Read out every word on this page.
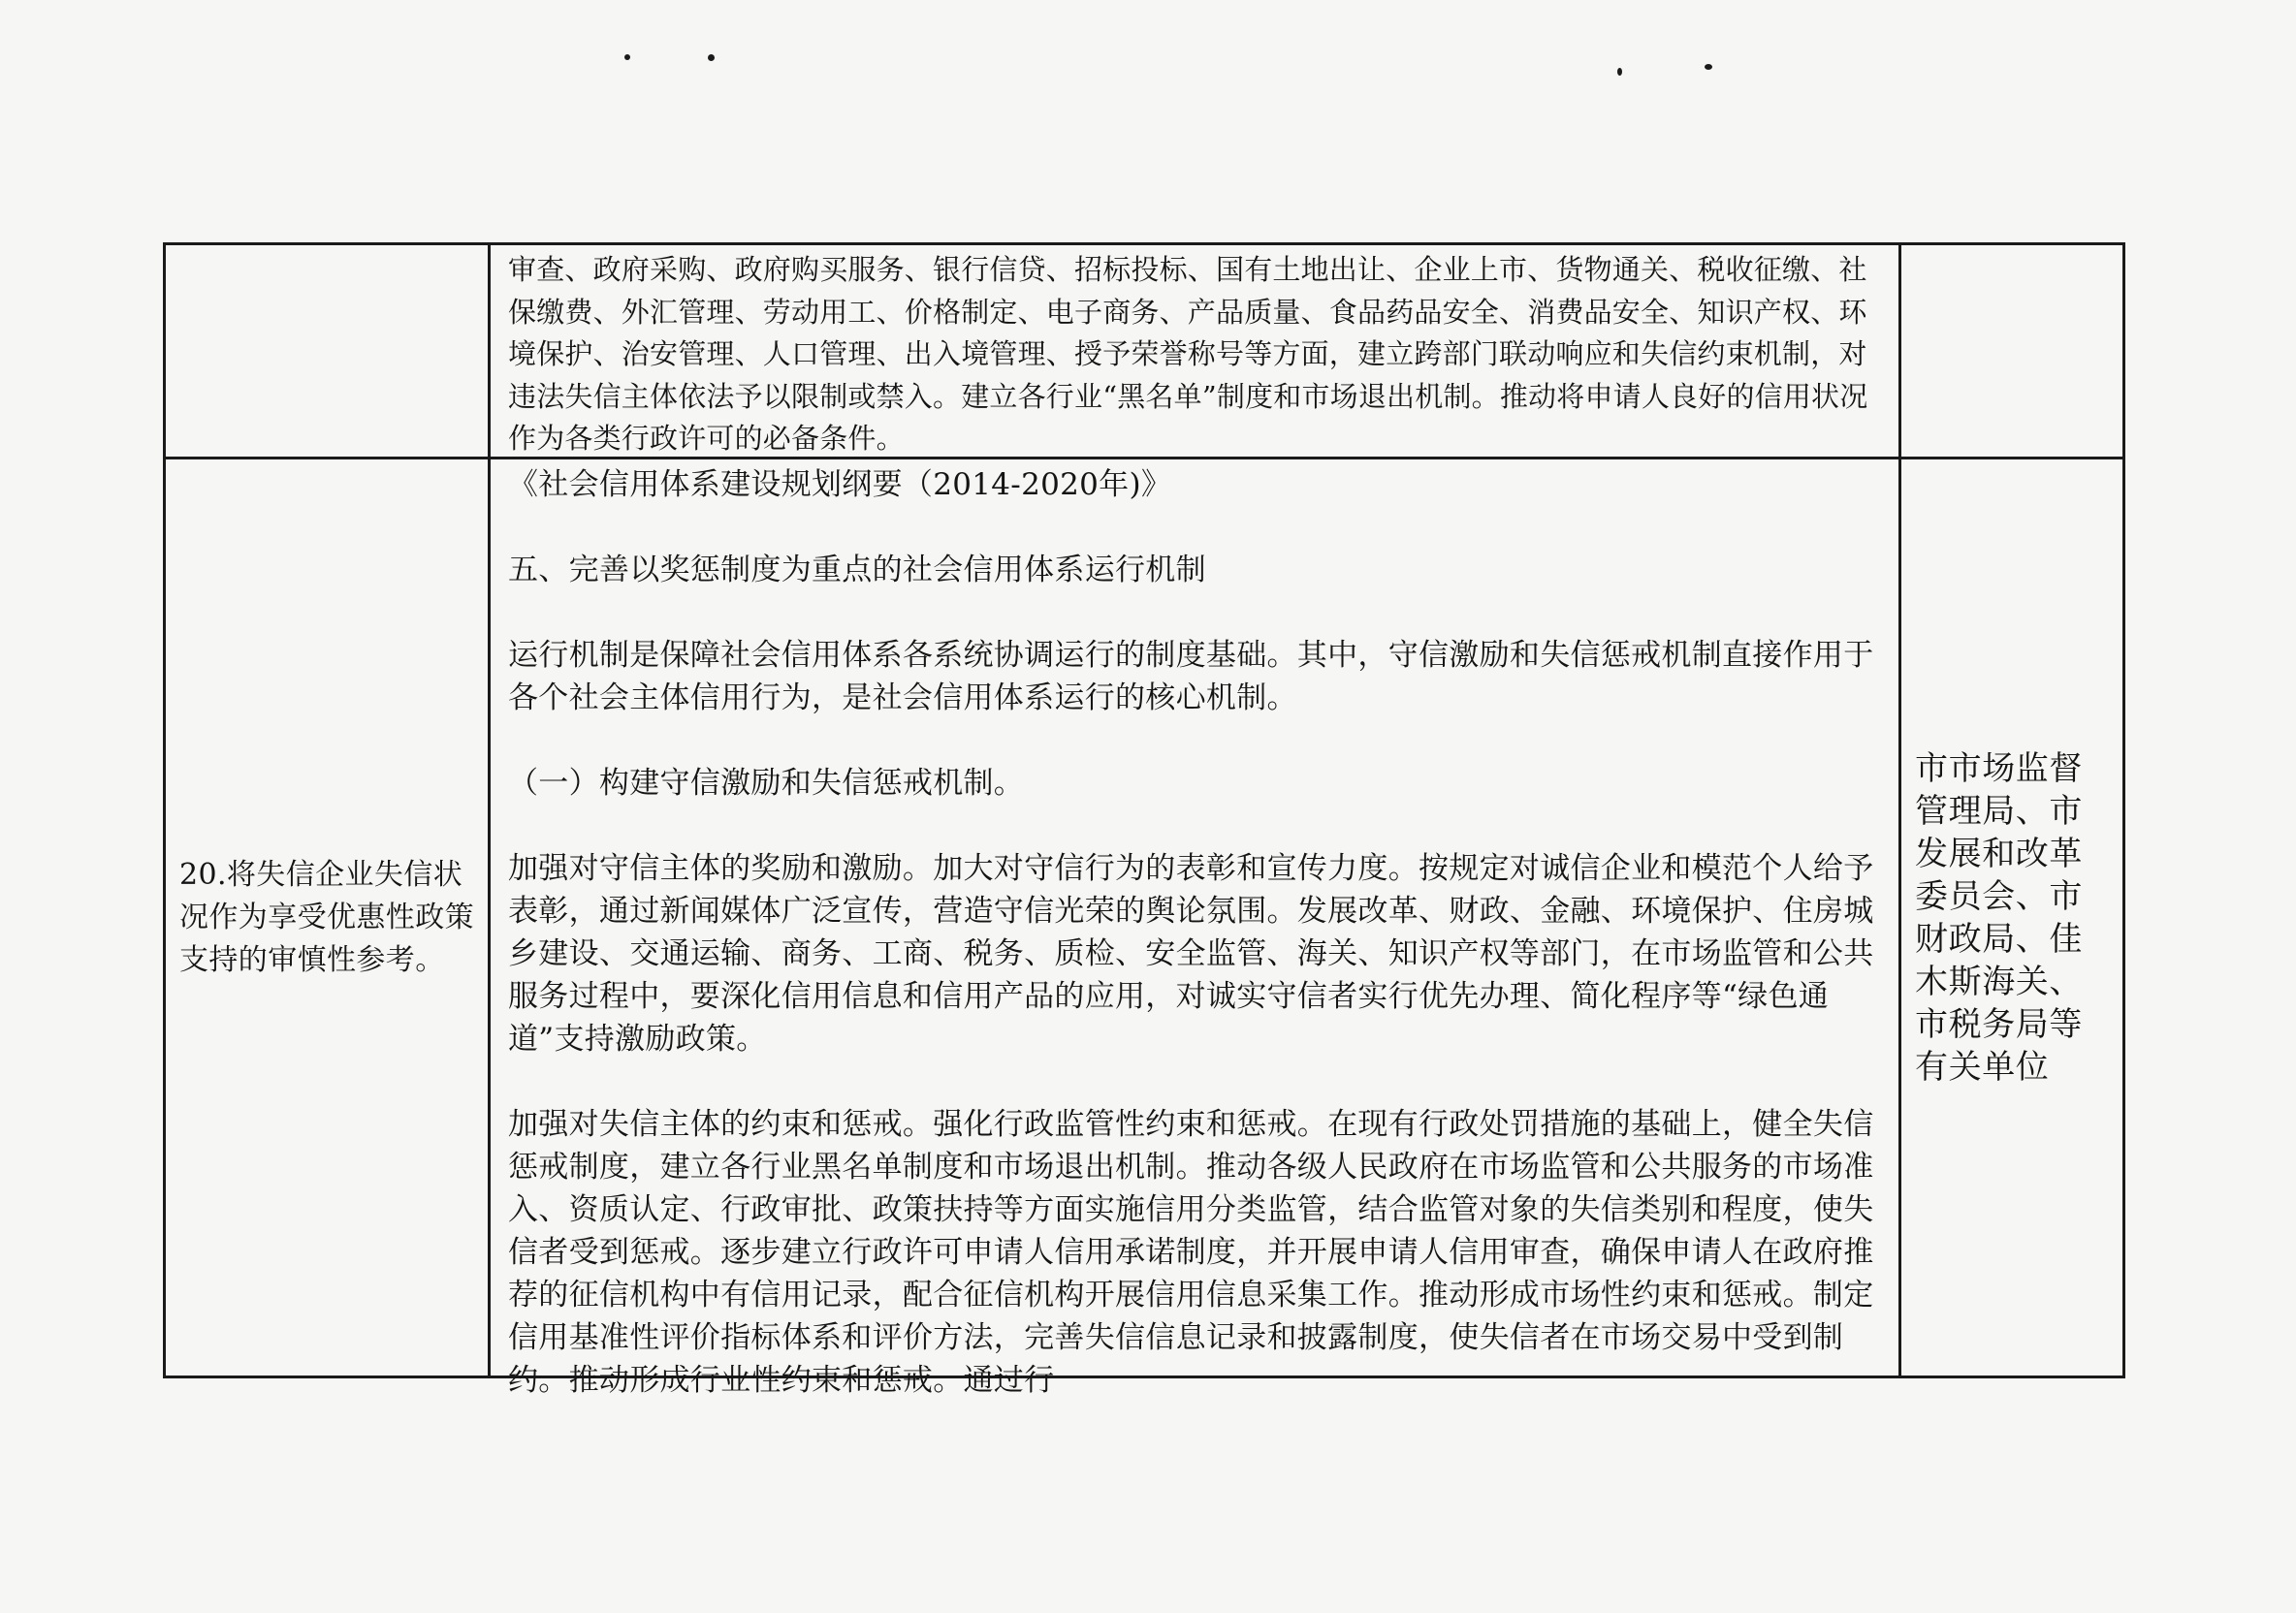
审查、政府采购、政府购买服务、银行信贷、招标投标、国有土地出让、企业上市、货物通关、税收征缴、社保缴费、外汇管理、劳动用工、价格制定、电子商务、产品质量、食品药品安全、消费品安全、知识产权、环境保护、治安管理、人口管理、出入境管理、授予荣誉称号等方面，建立跨部门联动响应和失信约束机制，对违法失信主体依法予以限制或禁入。建立各行业“黑名单”制度和市场退出机制。推动将申请人良好的信用状况作为各类行政许可的必备条件。

20.将失信企业失信状况作为享受优惠性政策支持的审慎性参考。

《社会信用体系建设规划纲要（2014-2020年)》

五、完善以奖惩制度为重点的社会信用体系运行机制

运行机制是保障社会信用体系各系统协调运行的制度基础。其中，守信激励和失信惩戒机制直接作用于各个社会主体信用行为，是社会信用体系运行的核心机制。

（一）构建守信激励和失信惩戒机制。

加强对守信主体的奖励和激励。加大对守信行为的表彰和宣传力度。按规定对诚信企业和模范个人给予表彰，通过新闻媒体广泛宣传，营造守信光荣的舆论氛围。发展改革、财政、金融、环境保护、住房城乡建设、交通运输、商务、工商、税务、质检、安全监管、海关、知识产权等部门，在市场监管和公共服务过程中，要深化信用信息和信用产品的应用，对诚实守信者实行优先办理、简化程序等“绿色通道”支持激励政策。

加强对失信主体的约束和惩戒。强化行政监管性约束和惩戒。在现有行政处罚措施的基础上，健全失信惩戒制度，建立各行业黑名单制度和市场退出机制。推动各级人民政府在市场监管和公共服务的市场准入、资质认定、行政审批、政策扶持等方面实施信用分类监管，结合监管对象的失信类别和程度，使失信者受到惩戒。逐步建立行政许可申请人信用承诺制度，并开展申请人信用审查，确保申请人在政府推荐的征信机构中有信用记录，配合征信机构开展信用信息采集工作。推动形成市场性约束和惩戒。制定信用基准性评价指标体系和评价方法，完善失信信息记录和披露制度，使失信者在市场交易中受到制约。推动形成行业性约束和惩戒。通过行

市市场监督管理局、市发展和改革委员会、市财政局、佳木斯海关、市税务局等有关单位
